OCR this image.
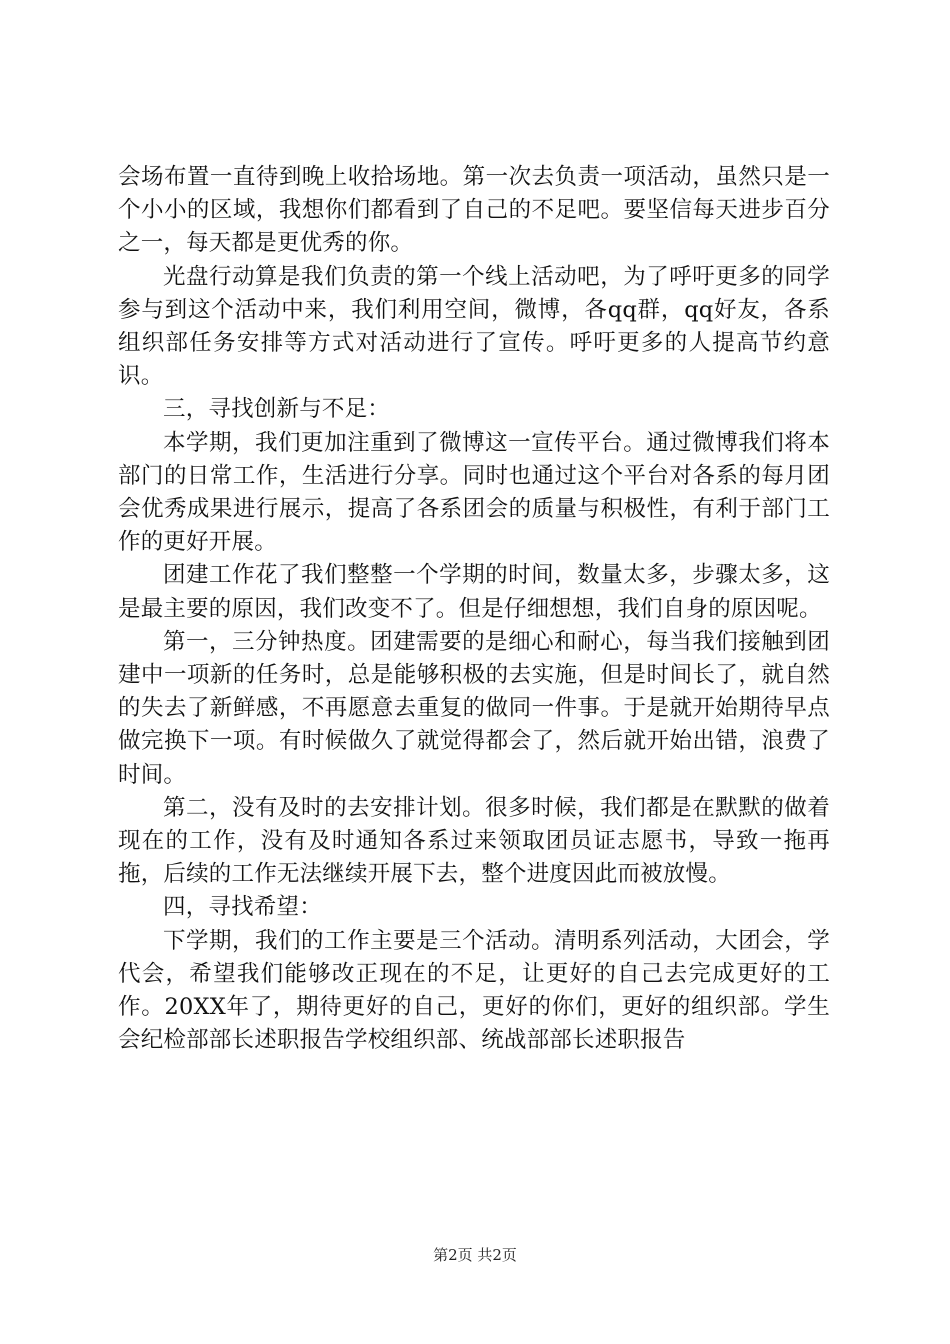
会场布置一直待到晚上收拾场地。第一次去负责一项活动，虽然只是一个小小的区域，我想你们都看到了自己的不足吧。要坚信每天进步百分之一，每天都是更优秀的你。

光盘行动算是我们负责的第一个线上活动吧，为了呼吁更多的同学参与到这个活动中来，我们利用空间，微博，各qq群，qq好友，各系组织部任务安排等方式对活动进行了宣传。呼吁更多的人提高节约意识。

三，寻找创新与不足：

本学期，我们更加注重到了微博这一宣传平台。通过微博我们将本部门的日常工作，生活进行分享。同时也通过这个平台对各系的每月团会优秀成果进行展示，提高了各系团会的质量与积极性，有利于部门工作的更好开展。

团建工作花了我们整整一个学期的时间，数量太多，步骤太多，这是最主要的原因，我们改变不了。但是仔细想想，我们自身的原因呢。

第一，三分钟热度。团建需要的是细心和耐心，每当我们接触到团建中一项新的任务时，总是能够积极的去实施，但是时间长了，就自然的失去了新鲜感，不再愿意去重复的做同一件事。于是就开始期待早点做完换下一项。有时候做久了就觉得都会了，然后就开始出错，浪费了时间。

第二，没有及时的去安排计划。很多时候，我们都是在默默的做着现在的工作，没有及时通知各系过来领取团员证志愿书，导致一拖再拖，后续的工作无法继续开展下去，整个进度因此而被放慢。

四，寻找希望：

下学期，我们的工作主要是三个活动。清明系列活动，大团会，学代会，希望我们能够改正现在的不足，让更好的自己去完成更好的工作。20XX年了，期待更好的自己，更好的你们，更好的组织部。学生会纪检部部长述职报告学校组织部、统战部部长述职报告

第2页 共2页
